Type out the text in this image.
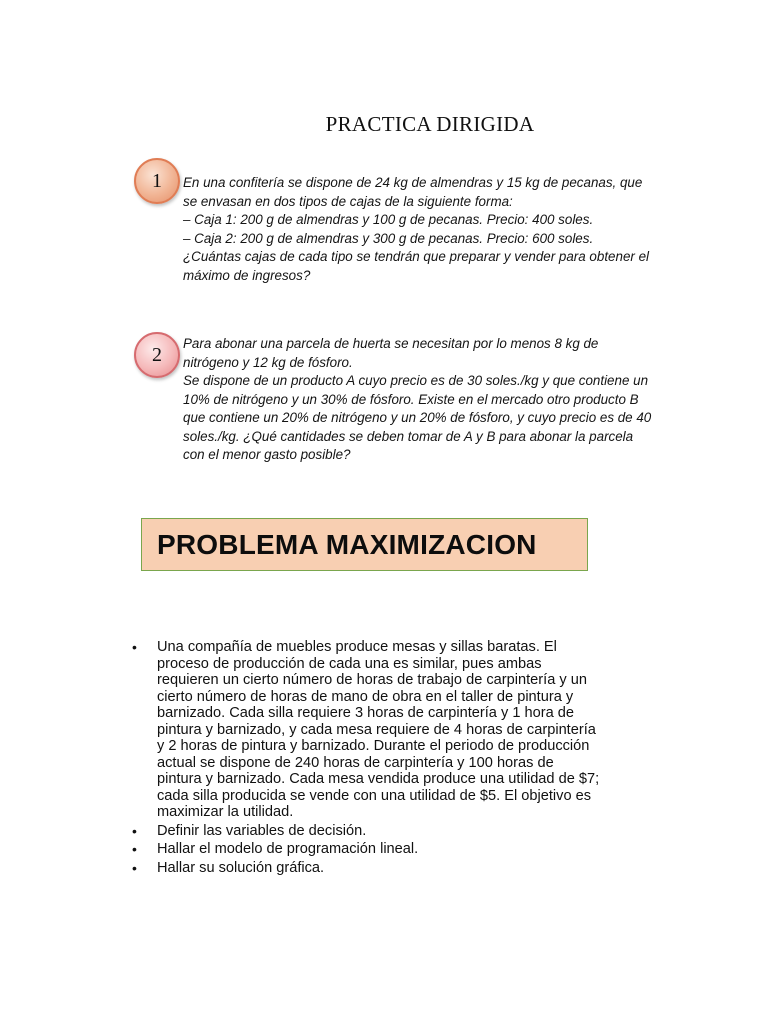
PRACTICA DIRIGIDA
1 En una confitería se dispone de 24 kg de almendras y 15 kg de pecanas, que
se envasan en dos tipos de cajas de la siguiente forma:
– Caja 1: 200 g de almendras y 100 g de pecanas. Precio: 400 soles.
– Caja 2: 200 g de almendras y 300 g de pecanas. Precio: 600 soles.
¿Cuántas cajas de cada tipo se tendrán que preparar y vender para obtener el
máximo de ingresos?
2 Para abonar una parcela de huerta se necesitan por lo menos 8 kg de
nitrógeno y 12 kg de fósforo.
Se dispone de un producto A cuyo precio es de 30 soles./kg y que contiene un
10% de nitrógeno y un 30% de fósforo. Existe en el mercado otro producto B
que contiene un 20% de nitrógeno y un 20% de fósforo, y cuyo precio es de 40
soles./kg. ¿Qué cantidades se deben tomar de A y B para abonar la parcela
con el menor gasto posible?
PROBLEMA MAXIMIZACION
• Una compañía de muebles produce mesas y sillas baratas. El
proceso de producción de cada una es similar, pues ambas
requieren un cierto número de horas de trabajo de carpintería y un
cierto número de horas de mano de obra en el taller de pintura y
barnizado. Cada silla requiere 3 horas de carpintería y 1 hora de
pintura y barnizado, y cada mesa requiere de 4 horas de carpintería
y 2 horas de pintura y barnizado. Durante el periodo de producción
actual se dispone de 240 horas de carpintería y 100 horas de
pintura y barnizado. Cada mesa vendida produce una utilidad de $7;
cada silla producida se vende con una utilidad de $5. El objetivo es
maximizar la utilidad.
• Definir las variables de decisión.
• Hallar el modelo de programación lineal.
• Hallar su solución gráfica.
